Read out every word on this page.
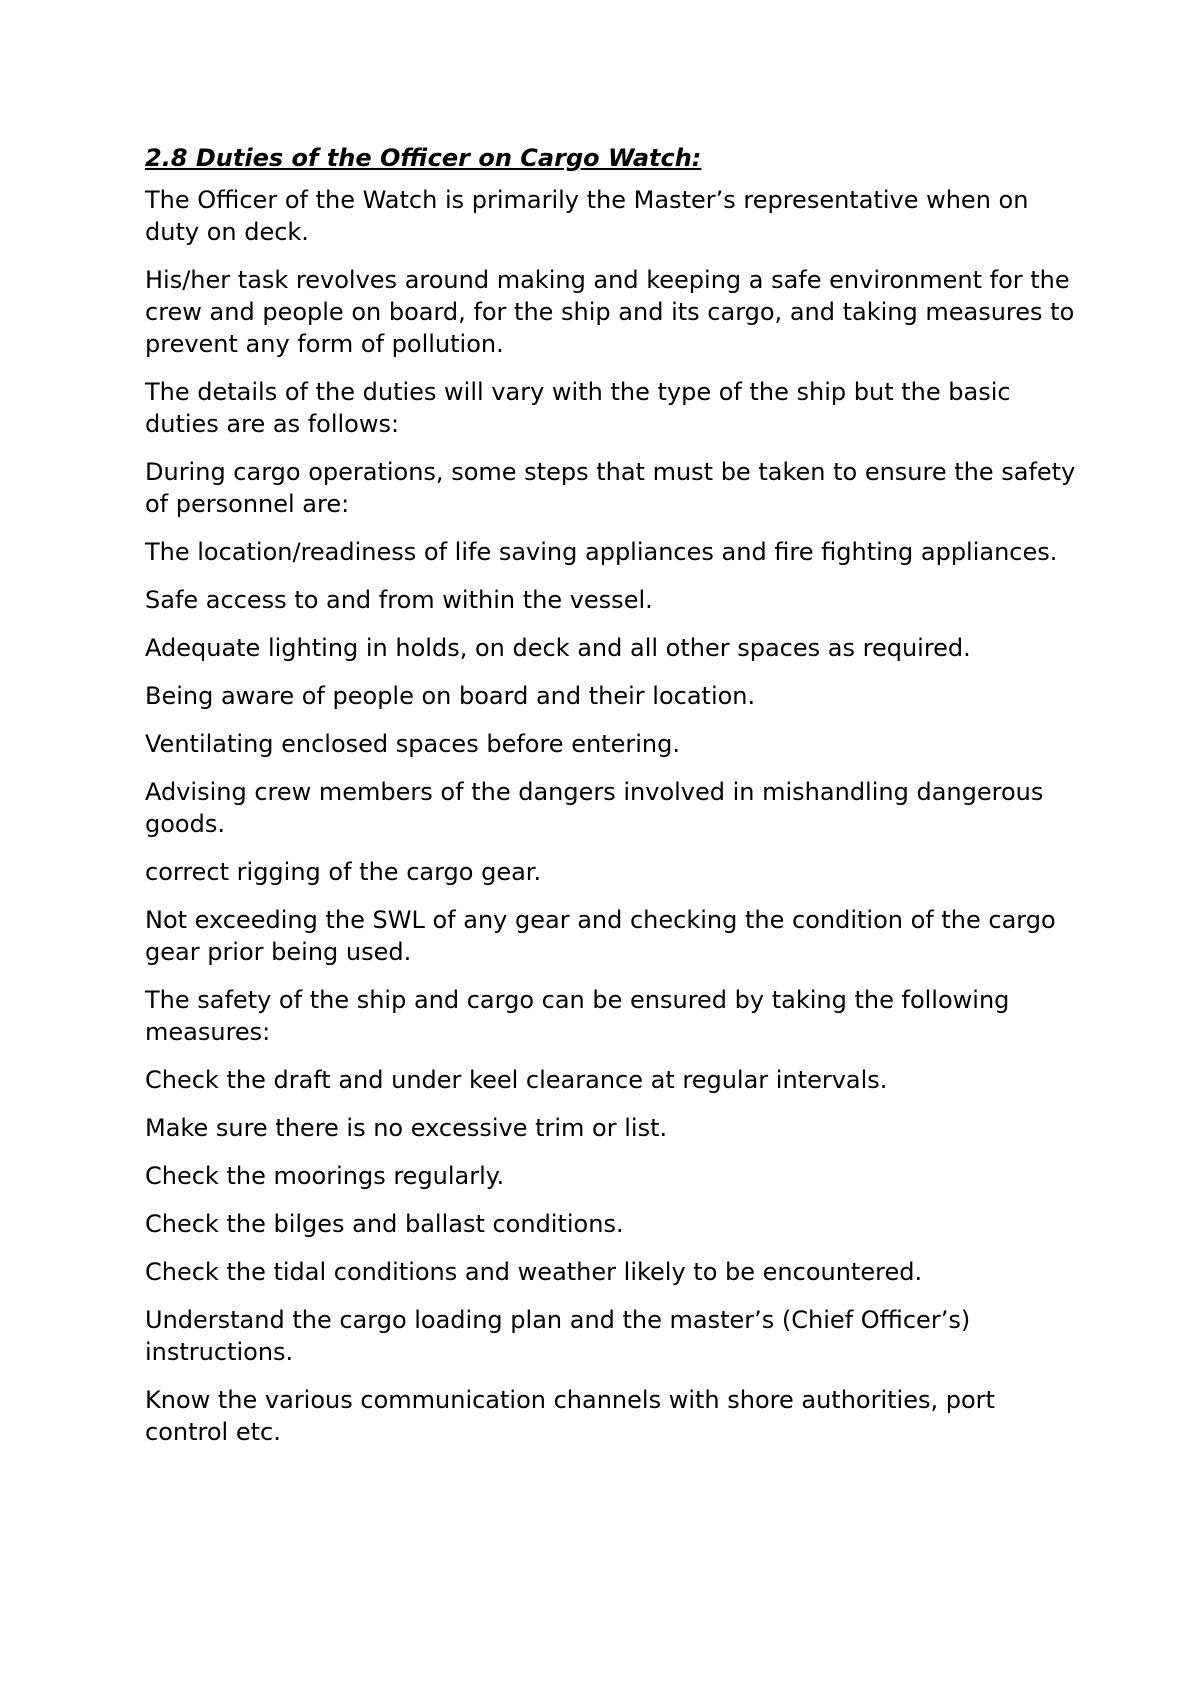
2.8 Duties of the Officer on Cargo Watch:

The Officer of the Watch is primarily the Master’s representative when on duty on deck.

His/her task revolves around making and keeping a safe environment for the crew and people on board, for the ship and its cargo, and taking measures to prevent any form of pollution.

The details of the duties will vary with the type of the ship but the basic duties are as follows:

During cargo operations, some steps that must be taken to ensure the safety of personnel are:

The location/readiness of life saving appliances and fire fighting appliances.

Safe access to and from within the vessel.

Adequate lighting in holds, on deck and all other spaces as required.

Being aware of people on board and their location.

Ventilating enclosed spaces before entering.

Advising crew members of the dangers involved in mishandling dangerous goods.

correct rigging of the cargo gear.

Not exceeding the SWL of any gear and checking the condition of the cargo gear prior being used.

The safety of the ship and cargo can be ensured by taking the following measures:

Check the draft and under keel clearance at regular intervals.

Make sure there is no excessive trim or list.

Check the moorings regularly.

Check the bilges and ballast conditions.

Check the tidal conditions and weather likely to be encountered.

Understand the cargo loading plan and the master’s (Chief Officer’s) instructions.

Know the various communication channels with shore authorities, port control etc.
